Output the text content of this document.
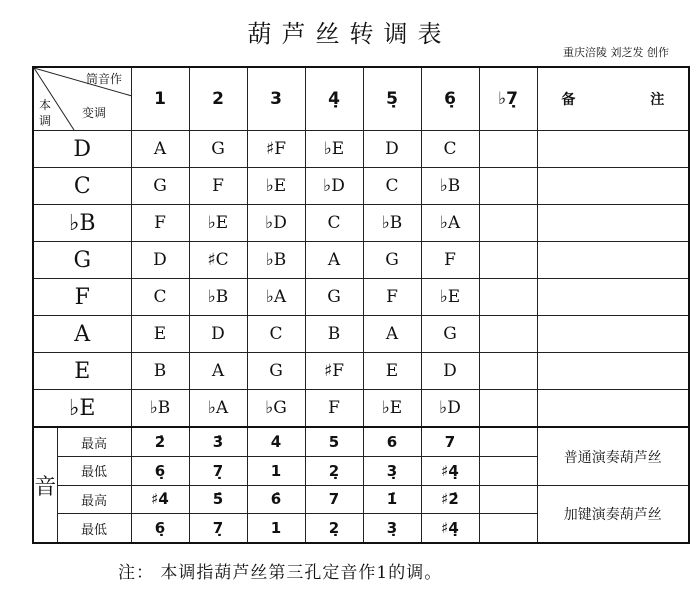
葫芦丝转调表
重庆涪陵 刘芝发 创作
筒音作
变调
本
调		1	2	3	4̣	5̣	6̣	♭7̣	备 注
D		A	G	♯F	♭E	D	C		
C		G	F	♭E	♭D	C	♭B		
♭B		F	♭E	♭D	C	♭B	♭A		
G		D	♯C	♭B	A	G	F		
F		C	♭B	♭A	G	F	♭E		
A		E	D	C	B	A	G		
E		B	A	G	♯F	E	D		
♭E		♭B	♭A	♭G	F	♭E	♭D		
音	最高	2̇	3̇	4̇	5	6	7		普通演奏葫芦丝
	最低	6̣	7̣	1	2̣	3̣	♯4̣		
	最高	♯4̇	5̇	6̇	7	1̇	♯2̇		加键演奏葫芦丝
	最低	6̣	7̣	1	2̣	3̣	♯4̣		
注： 本调指葫芦丝第三孔定音作1的调。
